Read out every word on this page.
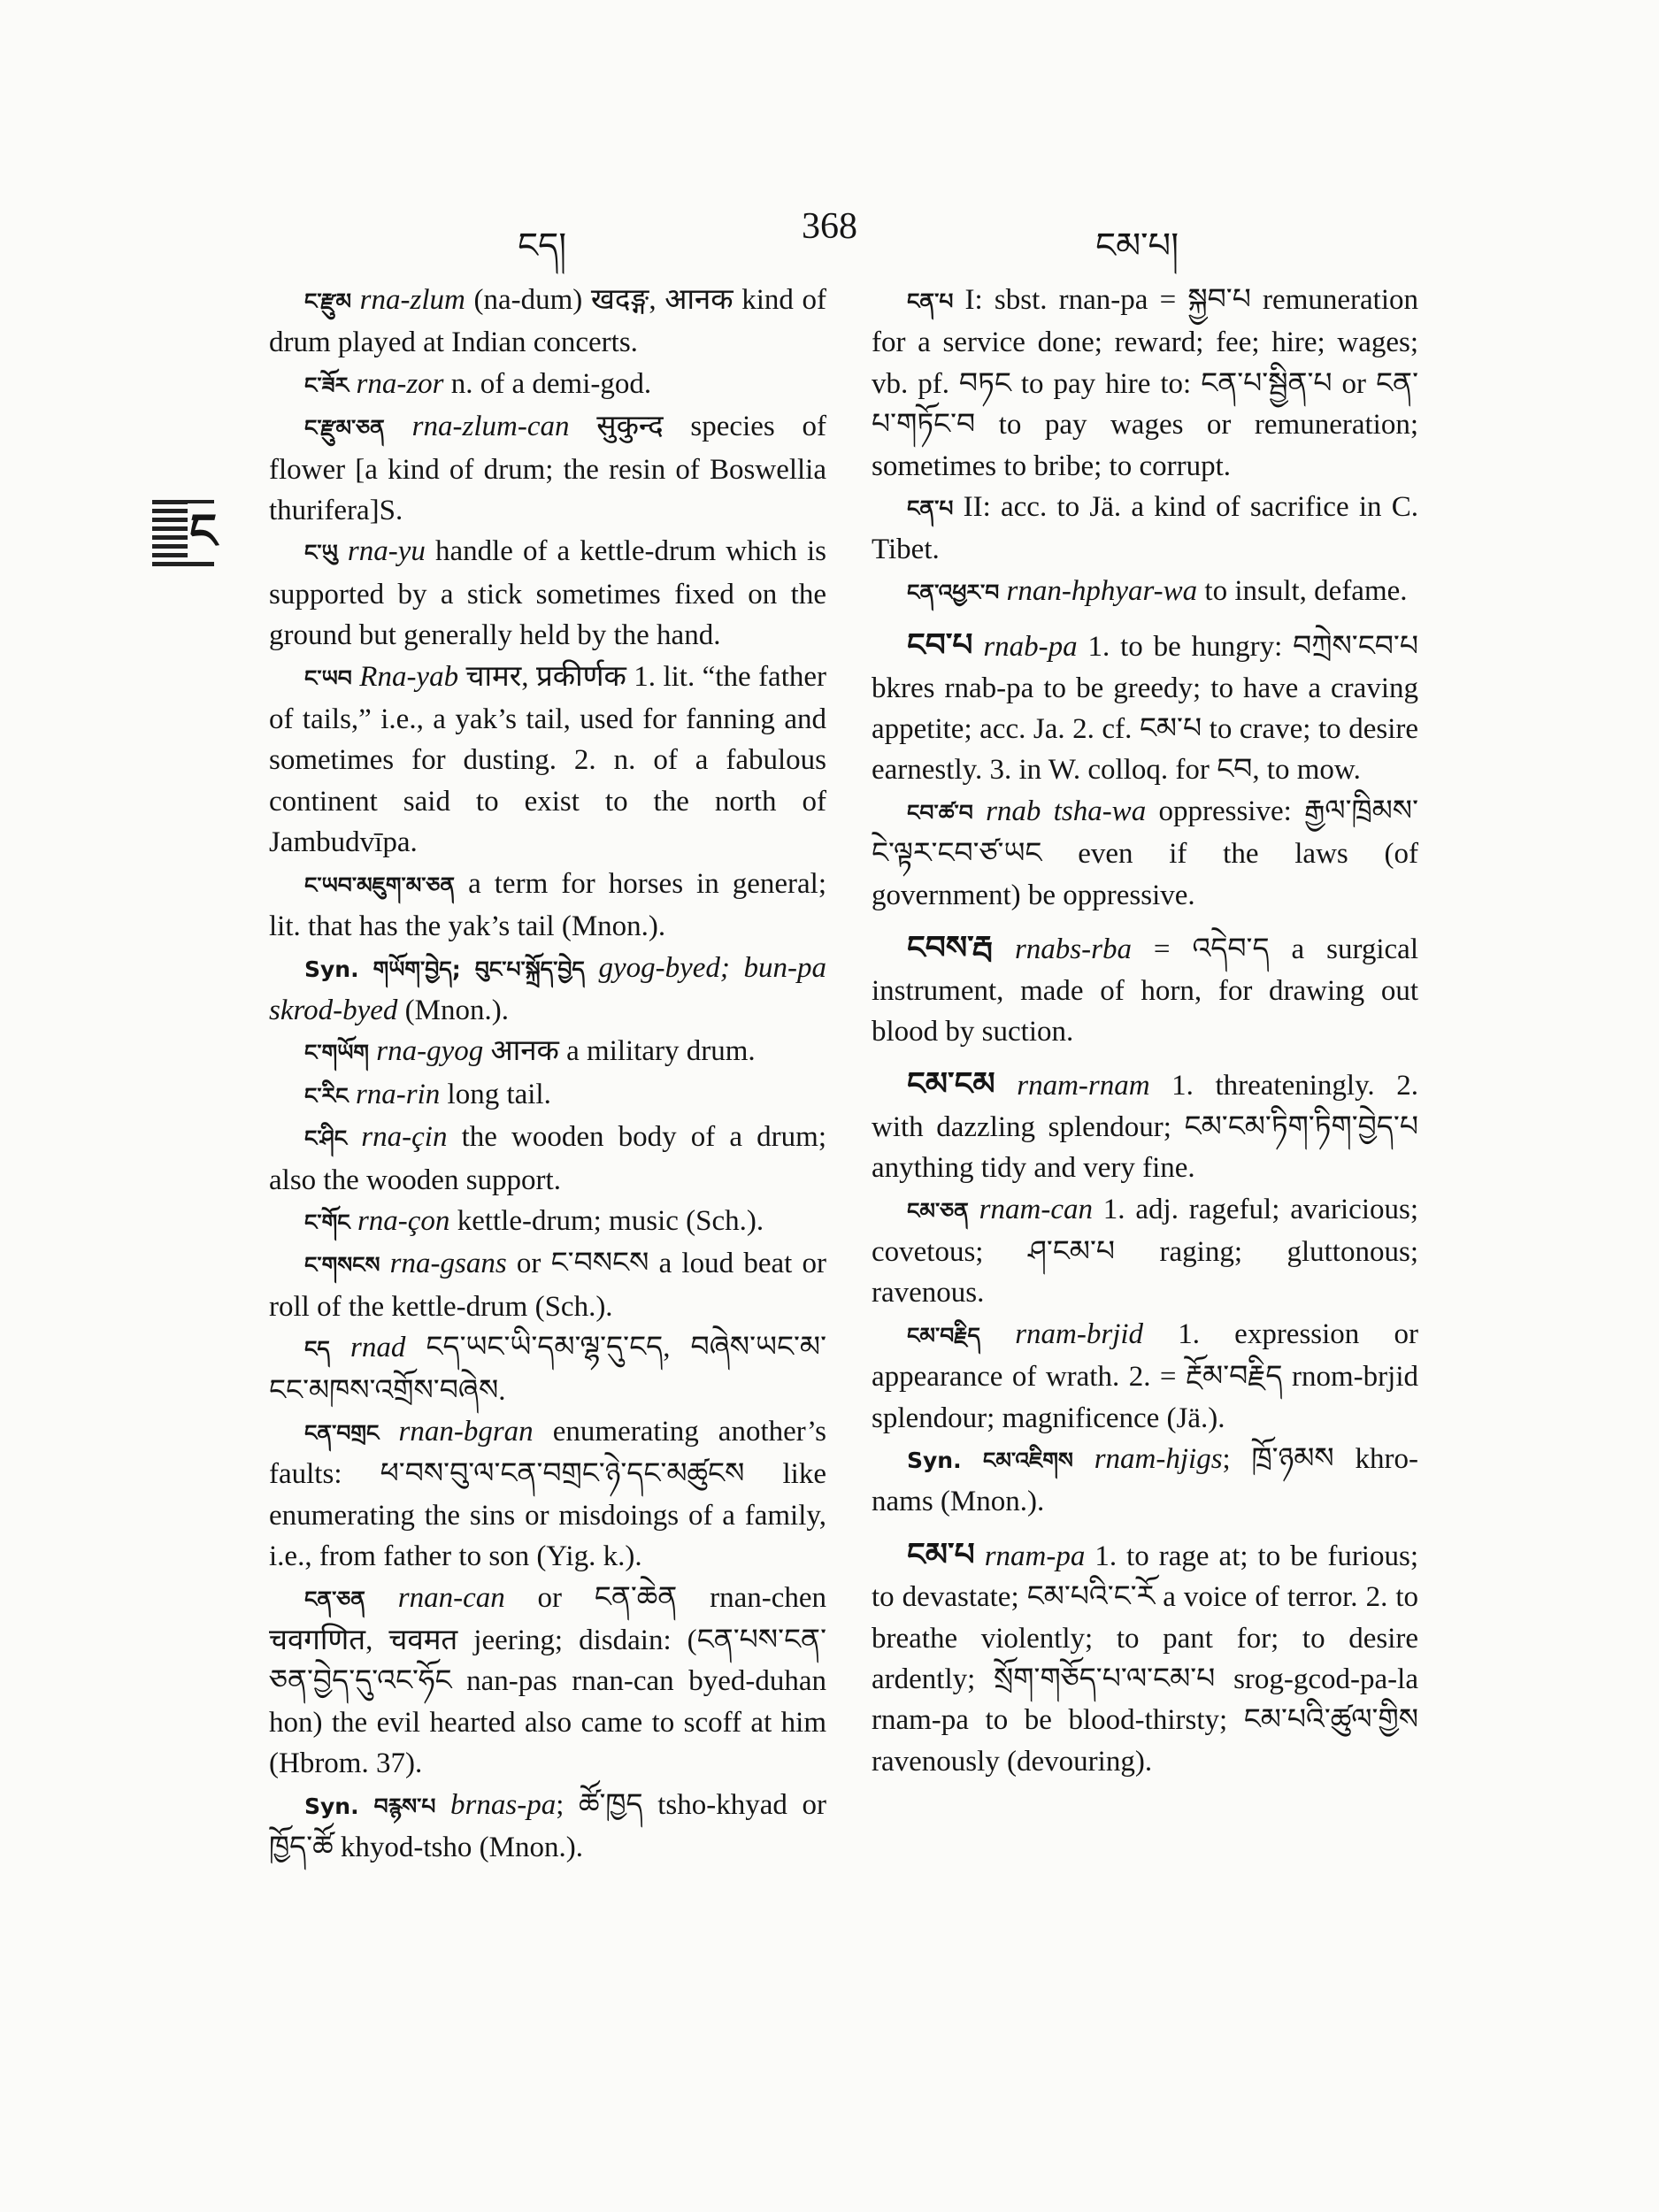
ངད།	368	ངམ་པ།
ང

ང་རྫུམ rna-zlum (na-dum) खदङ्ग, आनक kind of drum played at Indian concerts.

ང་ཟོར rna-zor n. of a demi-god.

ང་རྫུམ་ཅན rna-zlum-can सुकुन्द species of flower [a kind of drum; the resin of Boswellia thurifera]S.

ང་ཡུ rna-yu handle of a kettle-drum which is supported by a stick sometimes fixed on the ground but generally held by the hand.

ང་ཡབ Rna-yab चामर, प्रकीर्णक 1. lit. “the father of tails,” i.e., a yak’s tail, used for fanning and sometimes for dusting. 2. n. of a fabulous continent said to exist to the north of Jambudvīpa.

ང་ཡབ་མཇུག་མ་ཅན a term for horses in general; lit. that has the yak’s tail (Mnon.).

Syn. གཡོག་བྱེད; བུང་པ་སྐྲོད་བྱེད gyog-byed; bun-pa skrod-byed (Mnon.).

ང་གཡོག rna-gyog आनक a military drum.

ང་རིང rna-rin long tail.

ང་ཤིང rna-çin the wooden body of a drum; also the wooden support.

ང་གོང rna-çon kettle-drum; music (Sch.).

ང་གསངས rna-gsans or ང་བསངས a loud beat or roll of the kettle-drum (Sch.).

ངད rnad ངད་ཡང་ཡི་དམ་ལྷ་དུ་ངད, བཞེས་ཡང་མ་ངང་མཁས་འགྲོས་བཞེས.

ངན་བགྲང rnan-bgran enumerating another’s faults: ཕ་བས་བུ་ལ་ངན་བགྲང་ཉེ་དང་མཚུངས like enumerating the sins or misdoings of a family, i.e., from father to son (Yig. k.).

ངན་ཅན rnan-can or ངན་ཆེན rnan-chen चवगणित, चवमत jeering; disdain: (ངན་པས་ངན་ཅན་བྱེད་དུ་འང་ཧོང nan-pas rnan-can byed-duhan hon) the evil hearted also came to scoff at him (Hbrom. 37).

Syn. བརྙས་པ brnas-pa; ཚོ་ཁྱད tsho-khyad or ཁྱོད་ཚོ khyod-tsho (Mnon.).

ངན་པ I: sbst. rnan-pa = སྐྱབ་པ remuneration for a service done; reward; fee; hire; wages; vb. pf. བཏང to pay hire to: ངན་པ་སྦྱིན་པ or ངན་པ་གཏོང་བ to pay wages or remuneration; sometimes to bribe; to corrupt.

ངན་པ II: acc. to Jä. a kind of sacrifice in C. Tibet.

ངན་འཕྱར་བ rnan-hphyar-wa to insult, defame.

ངབ་པ rnab-pa 1. to be hungry: བཀྲེས་ངབ་པ bkres rnab-pa to be greedy; to have a craving appetite; acc. Ja. 2. cf. ངམ་པ to crave; to desire earnestly. 3. in W. colloq. for ངབ, to mow.

ངབ་ཚ་བ rnab tsha-wa oppressive: རྒྱལ་ཁྲིམས་ངེ་ལྟར་ངབ་ཙ་ཡང even if the laws (of government) be oppressive.

ངབས་རྦ rnabs-rba = འདེབ་ད a surgical instrument, made of horn, for drawing out blood by suction.

ངམ་ངམ rnam-rnam 1. threateningly. 2. with dazzling splendour; ངམ་ངམ་ཏིག་ཏིག་བྱེད་པ anything tidy and very fine.

ངམ་ཅན rnam-can 1. adj. rageful; avaricious; covetous; ཤ་ངམ་པ raging; gluttonous; ravenous.

ངམ་བརྗིད rnam-brjid 1. expression or appearance of wrath. 2. = རྔོམ་བརྗིད rnom-brjid splendour; magnificence (Jä.).

Syn. ངམ་འཇིགས rnam-hjigs; ཁྲོ་ཉམས khro-nams (Mnon.).

ངམ་པ rnam-pa 1. to rage at; to be furious; to devastate; ངམ་པའི་ང་རོ a voice of terror. 2. to breathe violently; to pant for; to desire ardently; སྲོག་གཅོད་པ་ལ་ངམ་པ srog-gcod-pa-la rnam-pa to be blood-thirsty; ངམ་པའི་ཚུལ་གྱིས ravenously (devouring).
